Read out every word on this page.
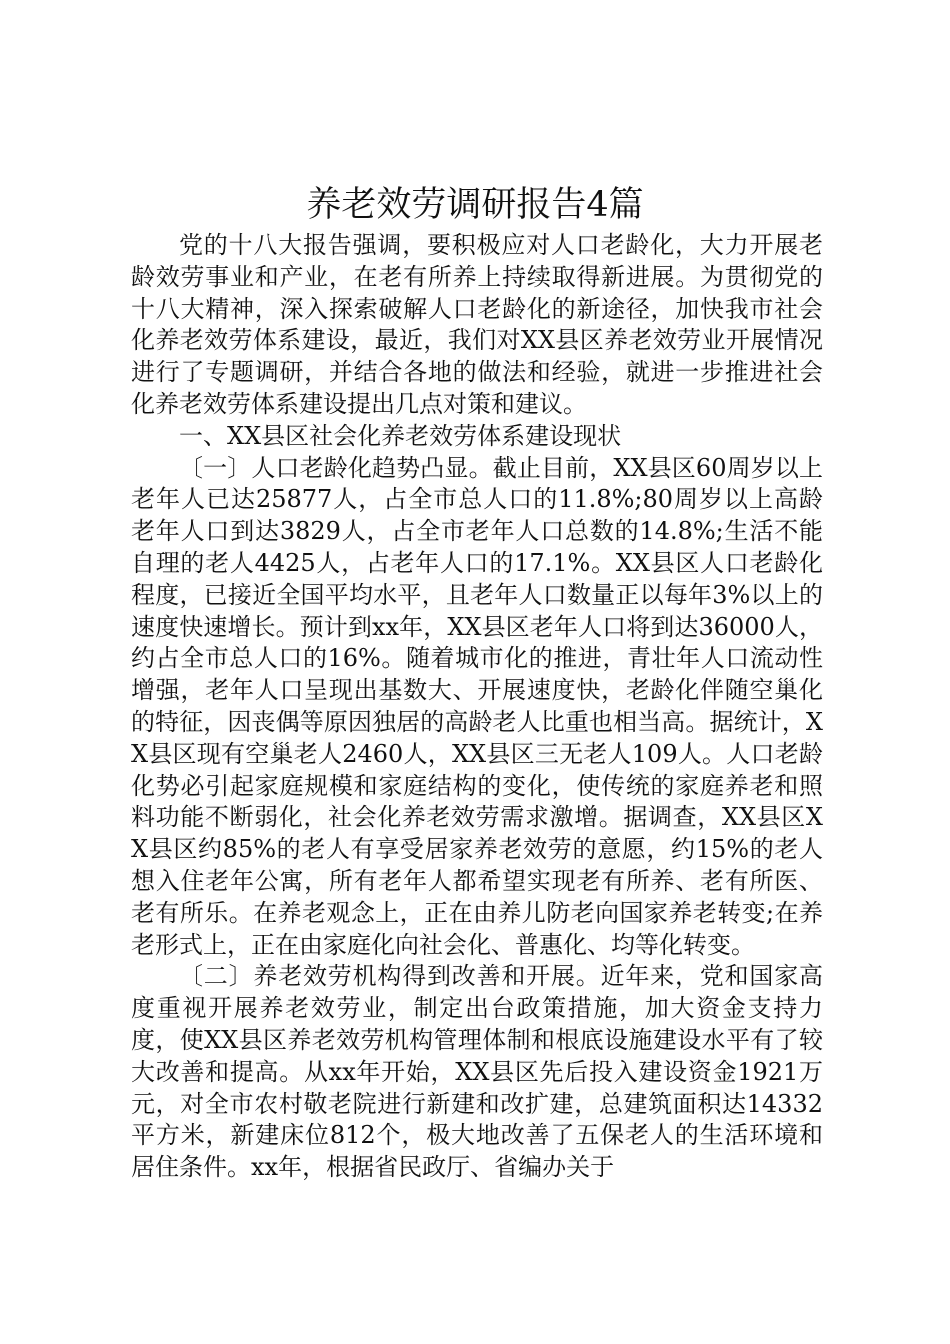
养老效劳调研报告4篇

党的十八大报告强调，要积极应对人口老龄化，大力开展老龄效劳事业和产业，在老有所养上持续取得新进展。为贯彻党的十八大精神，深入探索破解人口老龄化的新途径，加快我市社会化养老效劳体系建设，最近，我们对XX县区养老效劳业开展情况进行了专题调研，并结合各地的做法和经验，就进一步推进社会化养老效劳体系建设提出几点对策和建议。

一、XX县区社会化养老效劳体系建设现状

〔一〕人口老龄化趋势凸显。截止目前，XX县区60周岁以上老年人已达25877人，占全市总人口的11.8%;80周岁以上高龄老年人口到达3829人，占全市老年人口总数的14.8%;生活不能自理的老人4425人，占老年人口的17.1%。XX县区人口老龄化程度，已接近全国平均水平，且老年人口数量正以每年3%以上的速度快速增长。预计到xx年，XX县区老年人口将到达36000人，约占全市总人口的16%。随着城市化的推进，青壮年人口流动性增强，老年人口呈现出基数大、开展速度快，老龄化伴随空巢化的特征，因丧偶等原因独居的高龄老人比重也相当高。据统计，XX县区现有空巢老人2460人，XX县区三无老人109人。人口老龄化势必引起家庭规模和家庭结构的变化，使传统的家庭养老和照料功能不断弱化，社会化养老效劳需求激增。据调查，XX县区XX县区约85%的老人有享受居家养老效劳的意愿，约15%的老人想入住老年公寓，所有老年人都希望实现老有所养、老有所医、老有所乐。在养老观念上，正在由养儿防老向国家养老转变;在养老形式上，正在由家庭化向社会化、普惠化、均等化转变。

〔二〕养老效劳机构得到改善和开展。近年来，党和国家高度重视开展养老效劳业，制定出台政策措施，加大资金支持力度，使XX县区养老效劳机构管理体制和根底设施建设水平有了较大改善和提高。从xx年开始，XX县区先后投入建设资金1921万元，对全市农村敬老院进行新建和改扩建，总建筑面积达14332平方米，新建床位812个，极大地改善了五保老人的生活环境和居住条件。xx年，根据省民政厅、省编办关于
